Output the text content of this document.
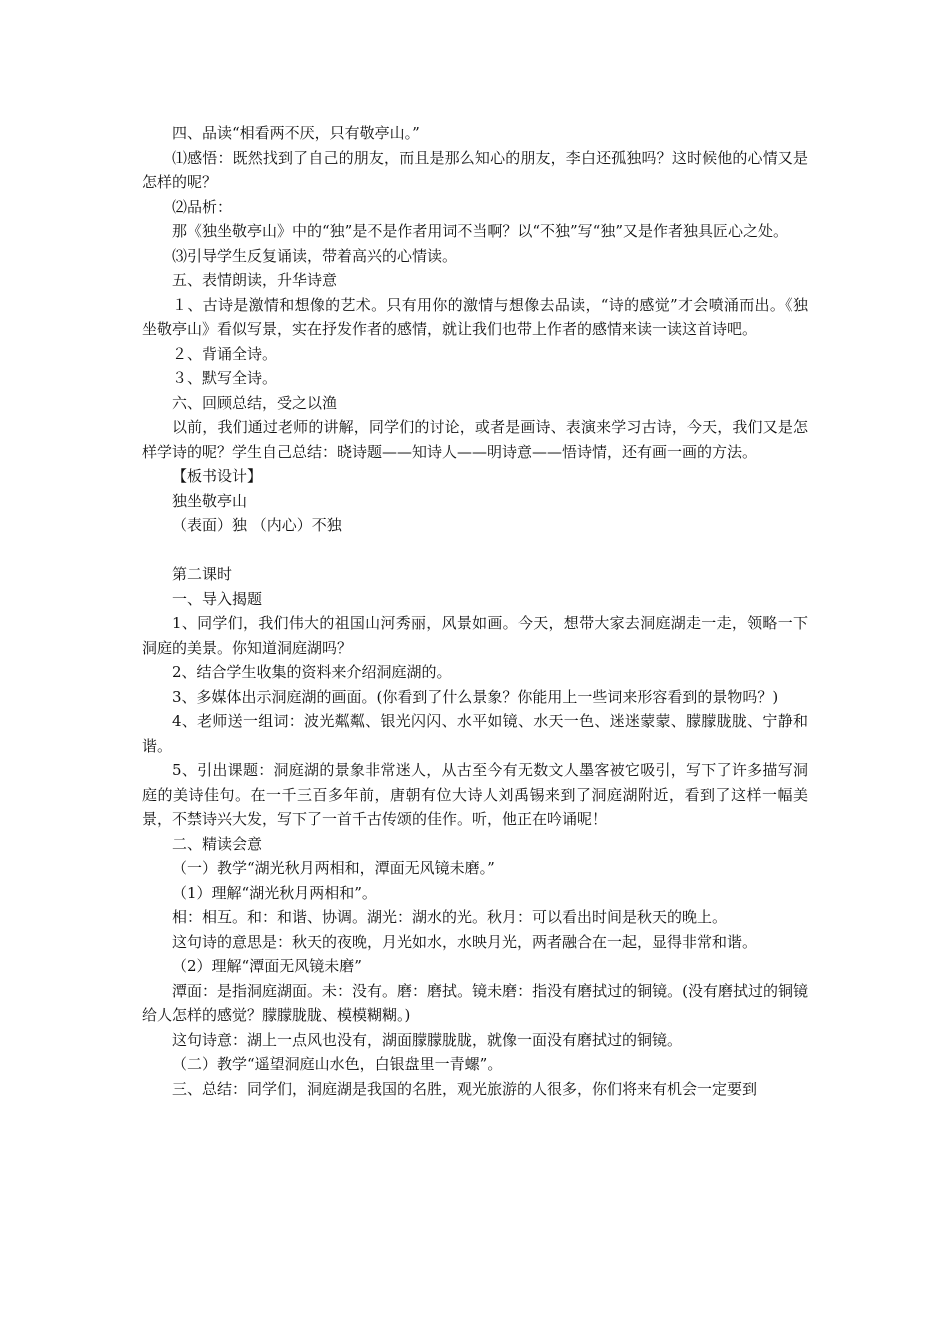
四、品读“相看两不厌，只有敬亭山。”

⑴感悟：既然找到了自己的朋友，而且是那么知心的朋友，李白还孤独吗？这时候他的心情又是怎样的呢？

⑵品析：

那《独坐敬亭山》中的“独”是不是作者用词不当啊？以“不独”写“独”又是作者独具匠心之处。

⑶引导学生反复诵读，带着高兴的心情读。

五、表情朗读，升华诗意

１、古诗是激情和想像的艺术。只有用你的激情与想像去品读，“诗的感觉”才会喷涌而出。《独坐敬亭山》看似写景，实在抒发作者的感情，就让我们也带上作者的感情来读一读这首诗吧。

２、背诵全诗。

３、默写全诗。

六、回顾总结，受之以渔

以前，我们通过老师的讲解，同学们的讨论，或者是画诗、表演来学习古诗，今天，我们又是怎样学诗的呢？学生自己总结：晓诗题——知诗人——明诗意——悟诗情，还有画一画的方法。

【板书设计】

独坐敬亭山

（表面）独 （内心）不独

第二课时

一、导入揭题

1、同学们，我们伟大的祖国山河秀丽，风景如画。今天，想带大家去洞庭湖走一走，领略一下洞庭的美景。你知道洞庭湖吗？

2、结合学生收集的资料来介绍洞庭湖的。

3、多媒体出示洞庭湖的画面。(你看到了什么景象？你能用上一些词来形容看到的景物吗？)

4、老师送一组词：波光粼粼、银光闪闪、水平如镜、水天一色、迷迷蒙蒙、朦朦胧胧、宁静和谐。

5、引出课题：洞庭湖的景象非常迷人，从古至今有无数文人墨客被它吸引，写下了许多描写洞庭的美诗佳句。在一千三百多年前，唐朝有位大诗人刘禹锡来到了洞庭湖附近，看到了这样一幅美景，不禁诗兴大发，写下了一首千古传颂的佳作。听，他正在吟诵呢！

二、精读会意

（一）教学“湖光秋月两相和，潭面无风镜未磨。”

（1）理解“湖光秋月两相和”。

相：相互。和：和谐、协调。湖光：湖水的光。秋月：可以看出时间是秋天的晚上。

这句诗的意思是：秋天的夜晚，月光如水，水映月光，两者融合在一起，显得非常和谐。

（2）理解“潭面无风镜未磨”

潭面：是指洞庭湖面。未：没有。磨：磨拭。镜未磨：指没有磨拭过的铜镜。(没有磨拭过的铜镜给人怎样的感觉？朦朦胧胧、模模糊糊。)

这句诗意：湖上一点风也没有，湖面朦朦胧胧，就像一面没有磨拭过的铜镜。

（二）教学“遥望洞庭山水色，白银盘里一青螺”。

三、总结：同学们，洞庭湖是我国的名胜，观光旅游的人很多，你们将来有机会一定要到
